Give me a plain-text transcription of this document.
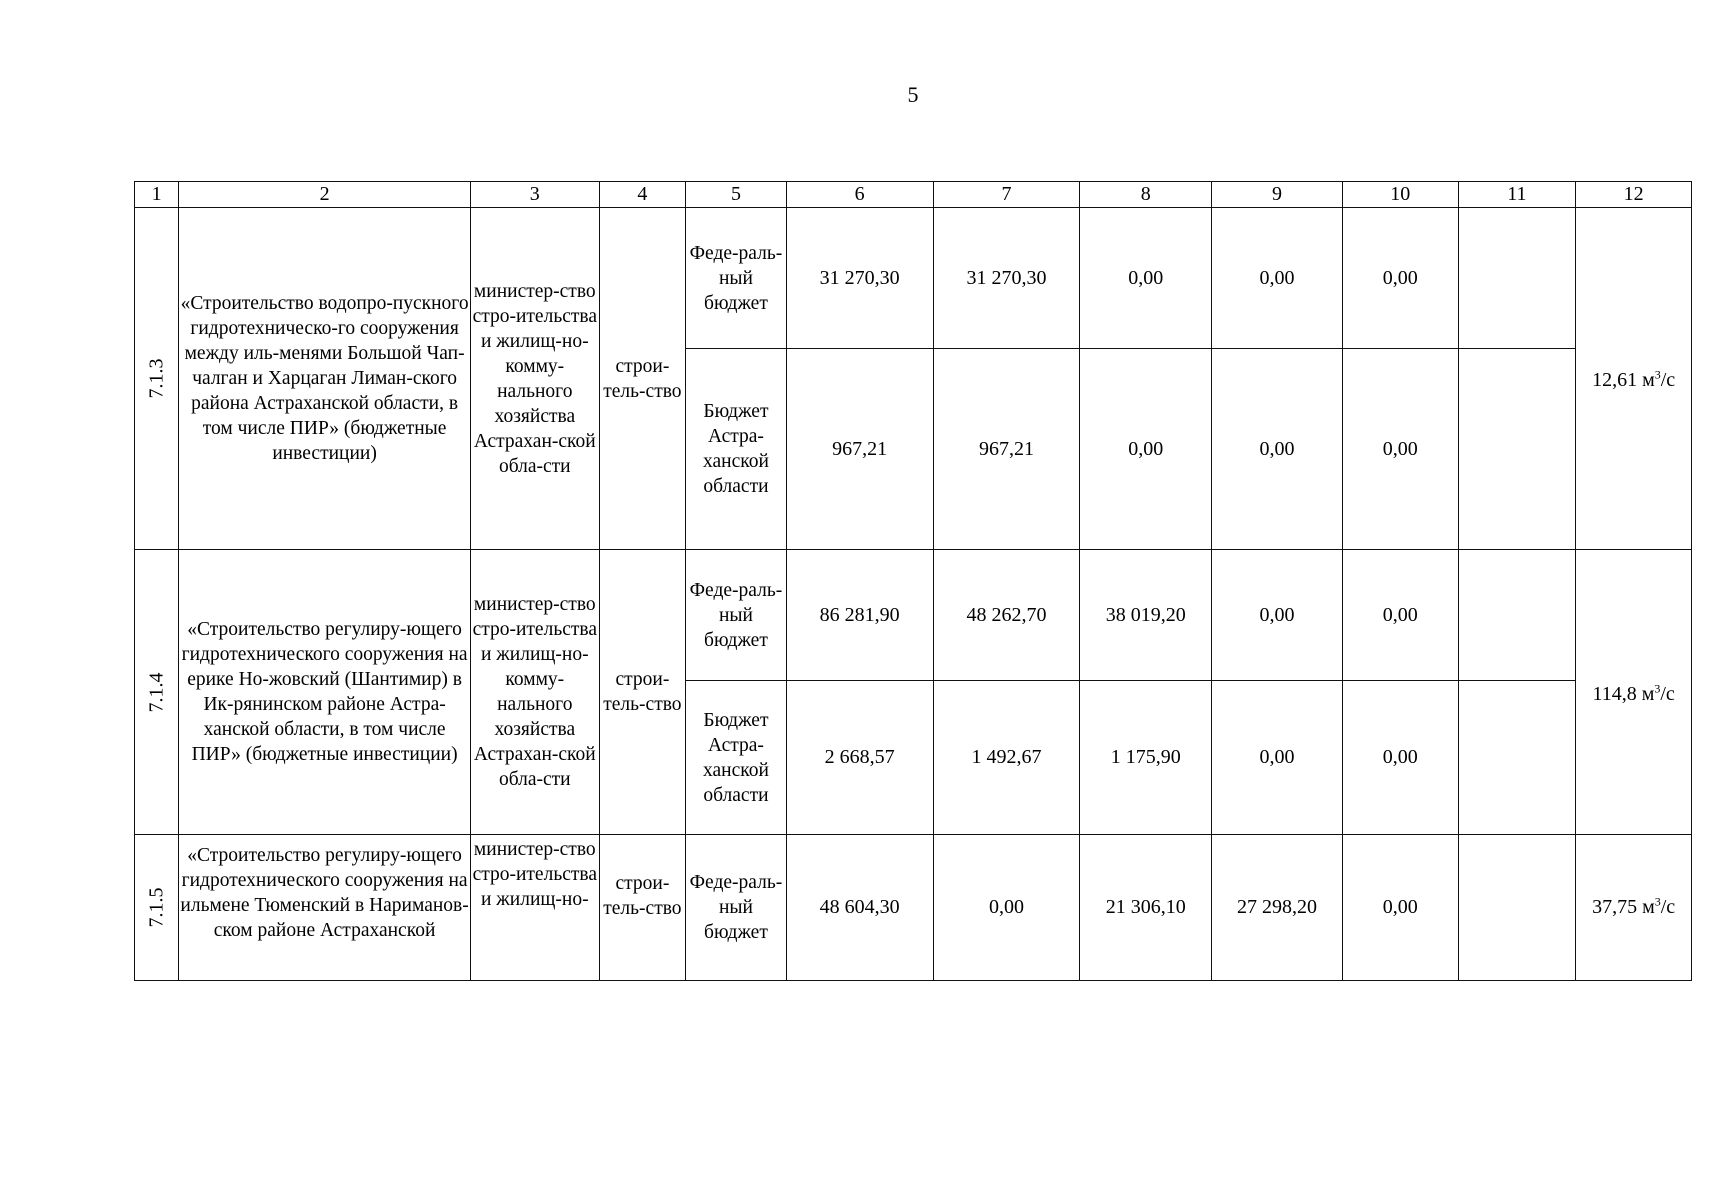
5
1	2	3	4	5	6	7	8	9	10	11	12
7.1.3	«Строительство водопро-пускного гидротехническо-го сооружения между иль-менями Большой Чап-чалган и Харцаган Лиман-ского района Астраханской области, в том числе ПИР» (бюджетные инвестиции)	министер-ство стро-ительства и жилищ-но-комму-нального хозяйства Астрахан-ской обла-сти	строи-тель-ство	Феде-раль-ный бюджет	31 270,30	31 270,30	0,00	0,00	0,00		12,61 $м^3/с$
				Бюджет Астра-ханской области	967,21	967,21	0,00	0,00	0,00		
7.1.4	«Строительство регулиру-ющего гидротехнического сооружения на ерике Но-жовский (Шантимир) в Ик-рянинском районе Астра-ханской области, в том числе ПИР» (бюджетные инвестиции)	министер-ство стро-ительства и жилищ-но-комму-нального хозяйства Астрахан-ской обла-сти	строи-тель-ство	Феде-раль-ный бюджет	86 281,90	48 262,70	38 019,20	0,00	0,00		114,8 $м^3/с$
				Бюджет Астра-ханской области	2 668,57	1 492,67	1 175,90	0,00	0,00		
7.1.5	«Строительство регулиру-ющего гидротехнического сооружения на ильмене Тюменский в Нариманов-ском районе Астраханской	министер-ство стро-ительства и жилищ-но-	строи-тель-ство	Феде-раль-ный бюджет	48 604,30	0,00	21 306,10	27 298,20	0,00		37,75 $м^3/с$
